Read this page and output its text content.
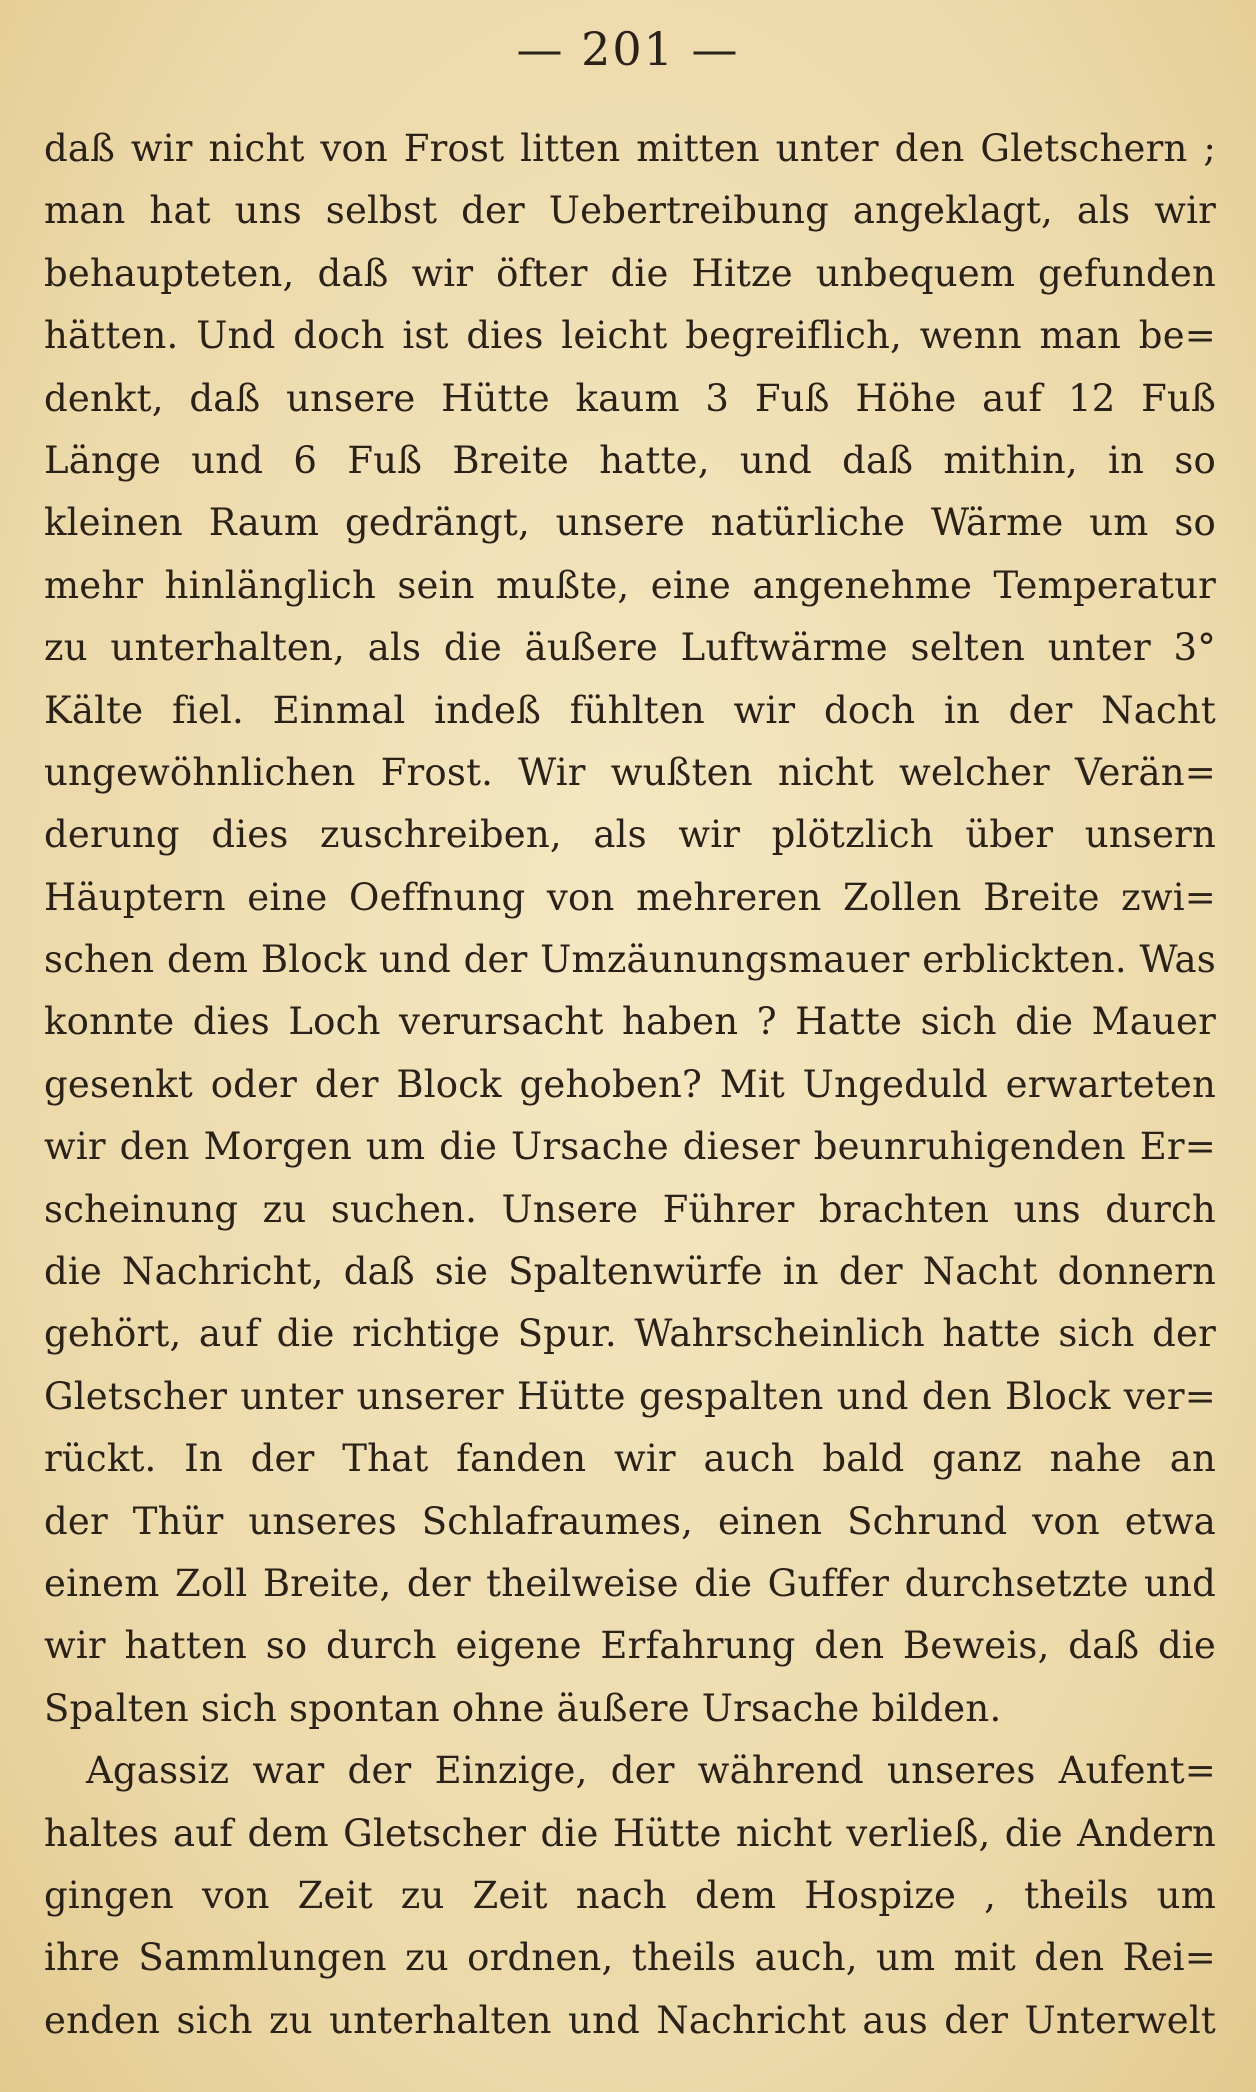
— 201 —
daß wir nicht von Frost litten mitten unter den Gletschern ;
man hat uns selbst der Uebertreibung angeklagt, als wir
behaupteten, daß wir öfter die Hitze unbequem gefunden
hätten. Und doch ist dies leicht begreiflich, wenn man be=
denkt, daß unsere Hütte kaum 3 Fuß Höhe auf 12 Fuß
Länge und 6 Fuß Breite hatte, und daß mithin, in so
kleinen Raum gedrängt, unsere natürliche Wärme um so
mehr hinlänglich sein mußte, eine angenehme Temperatur
zu unterhalten, als die äußere Luftwärme selten unter 3°
Kälte fiel. Einmal indeß fühlten wir doch in der Nacht
ungewöhnlichen Frost. Wir wußten nicht welcher Verän=
derung dies zuschreiben, als wir plötzlich über unsern
Häuptern eine Oeffnung von mehreren Zollen Breite zwi=
schen dem Block und der Umzäunungsmauer erblickten. Was
konnte dies Loch verursacht haben ? Hatte sich die Mauer
gesenkt oder der Block gehoben? Mit Ungeduld erwarteten
wir den Morgen um die Ursache dieser beunruhigenden Er=
scheinung zu suchen. Unsere Führer brachten uns durch
die Nachricht, daß sie Spaltenwürfe in der Nacht donnern
gehört, auf die richtige Spur. Wahrscheinlich hatte sich der
Gletscher unter unserer Hütte gespalten und den Block ver=
rückt. In der That fanden wir auch bald ganz nahe an
der Thür unseres Schlafraumes, einen Schrund von etwa
einem Zoll Breite, der theilweise die Guffer durchsetzte und
wir hatten so durch eigene Erfahrung den Beweis, daß die
Spalten sich spontan ohne äußere Ursache bilden.
Agassiz war der Einzige, der während unseres Aufent=
haltes auf dem Gletscher die Hütte nicht verließ, die Andern
gingen von Zeit zu Zeit nach dem Hospize , theils um
ihre Sammlungen zu ordnen, theils auch, um mit den Rei=
enden sich zu unterhalten und Nachricht aus der Unterwelt
